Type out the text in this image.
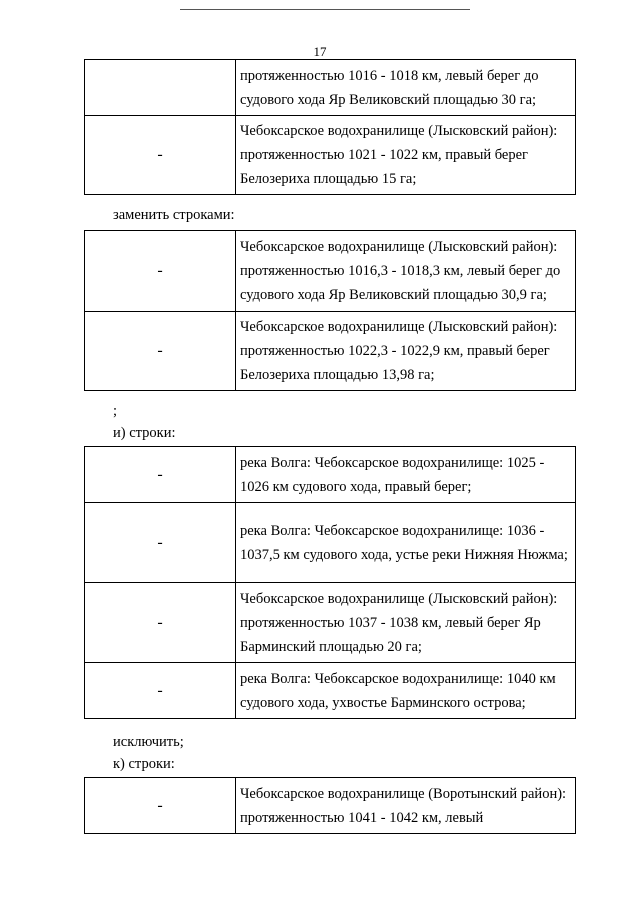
17
	протяженностью 1016 - 1018 км, левый берег до судового хода Яр Великовский площадью 30 га;
-	Чебоксарское водохранилище (Лысковский район): протяженностью 1021 - 1022 км, правый берег Белозериха площадью 15 га;
заменить строками:
-	Чебоксарское водохранилище (Лысковский район): протяженностью 1016,3 - 1018,3 км, левый берег до судового хода Яр Великовский площадью 30,9 га;
-	Чебоксарское водохранилище (Лысковский район): протяженностью 1022,3 - 1022,9 км, правый берег Белозериха площадью 13,98 га;
;
и) строки:
-	река Волга: Чебоксарское водохранилище: 1025 - 1026 км судового хода, правый берег;
-	река Волга: Чебоксарское водохранилище: 1036 - 1037,5 км судового хода, устье реки Нижняя Нюжма;
-	Чебоксарское водохранилище (Лысковский район): протяженностью 1037 - 1038 км, левый берег Яр Барминский площадью 20 га;
-	река Волга: Чебоксарское водохранилище: 1040 км судового хода, ухвостье Барминского острова;
исключить;
к) строки:
-	Чебоксарское водохранилище (Воротынский район): протяженностью 1041 - 1042 км, левый
